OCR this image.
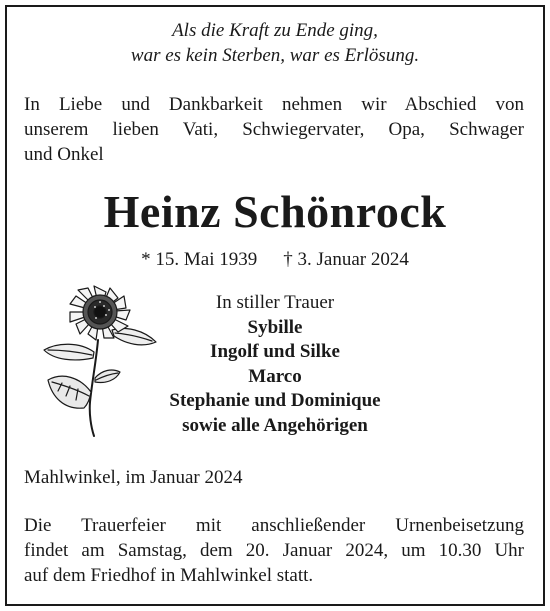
Als die Kraft zu Ende ging,
war es kein Sterben, war es Erlösung.
In Liebe und Dankbarkeit nehmen wir Abschied von
unserem lieben Vati, Schwiegervater, Opa, Schwager
und Onkel
Heinz Schönrock
* 15. Mai 1939 † 3. Januar 2024
In stiller Trauer
Sybille
Ingolf und Silke
Marco
Stephanie und Dominique
sowie alle Angehörigen
Mahlwinkel, im Januar 2024
Die Trauerfeier mit anschließender Urnenbeisetzung
findet am Samstag, dem 20. Januar 2024, um 10.30 Uhr
auf dem Friedhof in Mahlwinkel statt.
